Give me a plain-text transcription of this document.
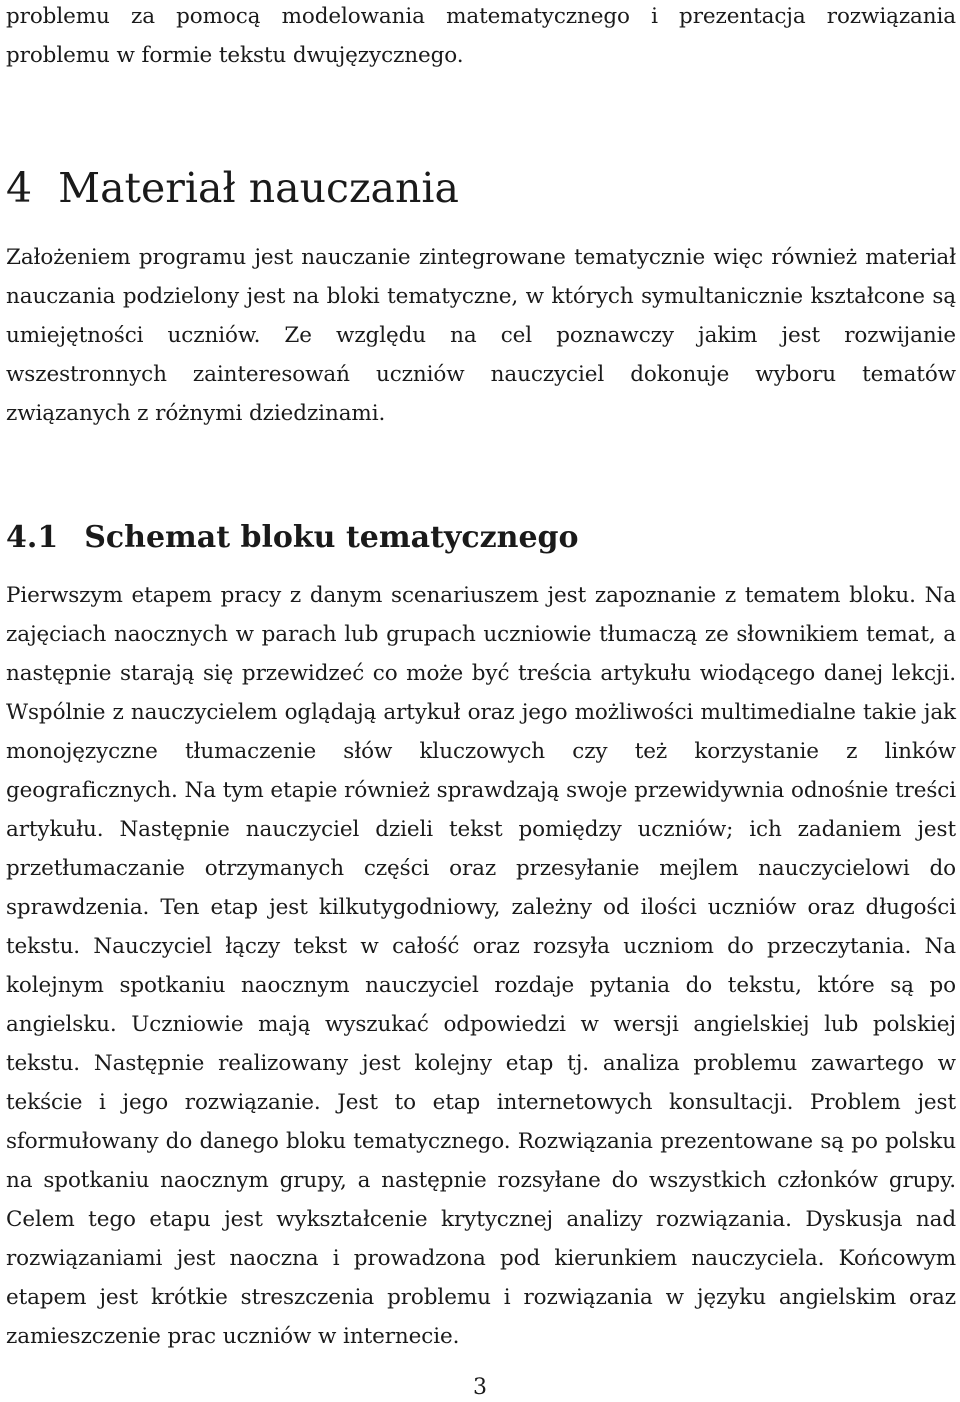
problemu za pomocą modelowania matematycznego i prezentacja rozwiązania problemu w formie tekstu dwujęzycznego.

4 Materiał nauczania

Założeniem programu jest nauczanie zintegrowane tematycznie więc również materiał nauczania podzielony jest na bloki tematyczne, w których symultanicznie kształcone są umiejętności uczniów. Ze względu na cel poznawczy jakim jest rozwijanie wszestronnych zainteresowań uczniów nauczyciel dokonuje wyboru tematów związanych z różnymi dziedzinami.

4.1 Schemat bloku tematycznego

Pierwszym etapem pracy z danym scenariuszem jest zapoznanie z tematem bloku. Na zajęciach naocznych w parach lub grupach uczniowie tłumaczą ze słownikiem temat, a następnie starają się przewidzeć co może być treścia artykułu wiodącego danej lekcji. Wspólnie z nauczycielem oglądają artykuł oraz jego możliwości multimedialne takie jak monojęzyczne tłumaczenie słów kluczowych czy też korzystanie z linków geograficznych. Na tym etapie również sprawdzają swoje przewidywnia odnośnie treści artykułu. Następnie nauczyciel dzieli tekst pomiędzy uczniów; ich zadaniem jest przetłumaczanie otrzymanych części oraz przesyłanie mejlem nauczycielowi do sprawdzenia. Ten etap jest kilkutygodniowy, zależny od ilości uczniów oraz długości tekstu. Nauczyciel łączy tekst w całość oraz rozsyła uczniom do przeczytania. Na kolejnym spotkaniu naocznym nauczyciel rozdaje pytania do tekstu, które są po angielsku. Uczniowie mają wyszukać odpowiedzi w wersji angielskiej lub polskiej tekstu. Następnie realizowany jest kolejny etap tj. analiza problemu zawartego w tekście i jego rozwiązanie. Jest to etap internetowych konsultacji. Problem jest sformułowany do danego bloku tematycznego. Rozwiązania prezentowane są po polsku na spotkaniu naocznym grupy, a następnie rozsyłane do wszystkich członków grupy. Celem tego etapu jest wykształcenie krytycznej analizy rozwiązania. Dyskusja nad rozwiązaniami jest naoczna i prowadzona pod kierunkiem nauczyciela. Końcowym etapem jest krótkie streszczenia problemu i rozwiązania w języku angielskim oraz zamieszczenie prac uczniów w internecie.

3
